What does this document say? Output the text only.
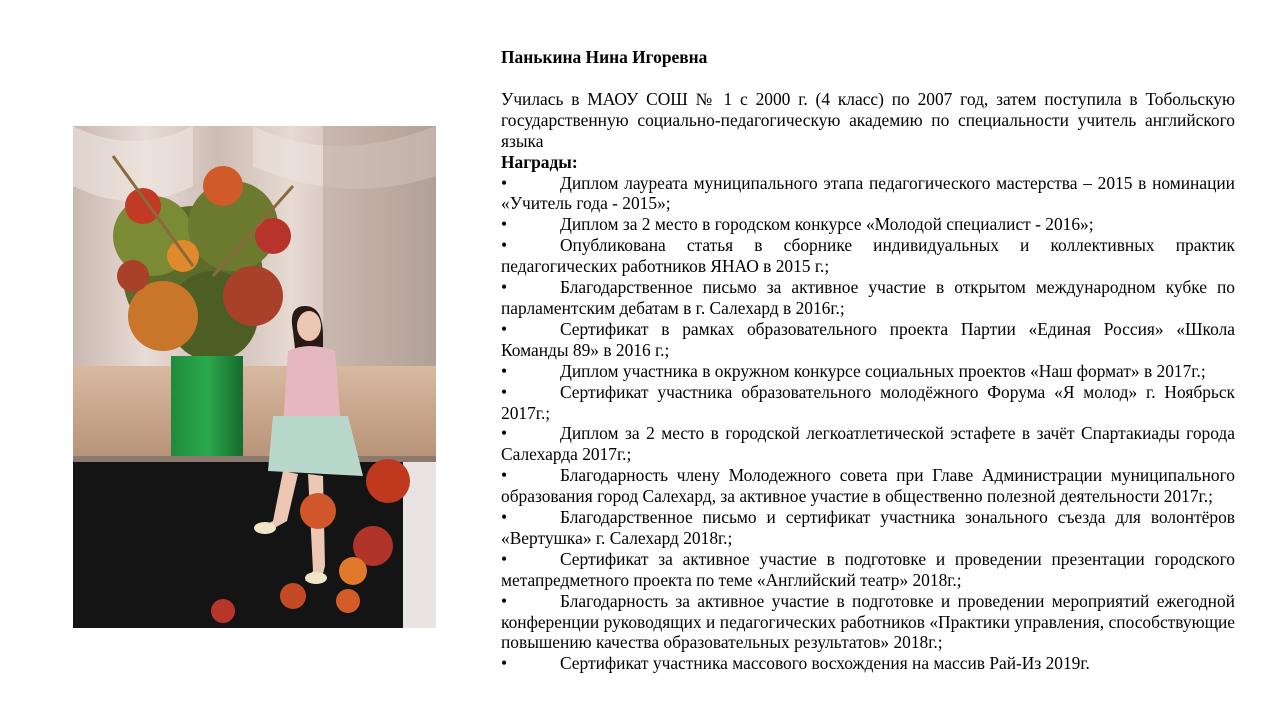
Панькина Нина Игоревна

Училась в МАОУ СОШ № 1 с 2000 г. (4 класс) по 2007 год, затем поступила в Тобольскую государственную социально-педагогическую академию по специальности учитель английского языка

Награды:

•	Диплом лауреата муниципального этапа педагогического мастерства – 2015 в номинации «Учитель года - 2015»;
•	Диплом за 2 место в городском конкурсе «Молодой специалист - 2016»;
•	Опубликована статья в сборнике индивидуальных и коллективных практик педагогических работников ЯНАО в 2015 г.;
•	Благодарственное письмо за активное участие в открытом международном кубке по парламентским дебатам в г. Салехард в 2016г.;
•	Сертификат в рамках образовательного проекта Партии «Единая Россия» «Школа Команды 89» в 2016 г.;
•	Диплом участника в окружном конкурсе социальных проектов «Наш формат» в 2017г.;
•	Сертификат участника образовательного молодёжного Форума «Я молод» г. Ноябрьск 2017г.;
•	Диплом за 2 место в городской легкоатлетической эстафете в зачёт Спартакиады города Салехарда 2017г.;
•	Благодарность члену Молодежного совета при Главе Администрации муниципального образования город Салехард, за активное участие в общественно полезной деятельности 2017г.;
•	Благодарственное письмо и сертификат участника зонального съезда для волонтёров «Вертушка» г. Салехард 2018г.;
•	Сертификат за активное участие в подготовке и проведении презентации городского метапредметного проекта по теме «Английский театр» 2018г.;
•	Благодарность за активное участие в подготовке и проведении мероприятий ежегодной конференции руководящих и педагогических работников «Практики управления, способствующие повышению качества образовательных результатов» 2018г.;
•	Сертификат участника массового восхождения на массив Рай-Из 2019г.
